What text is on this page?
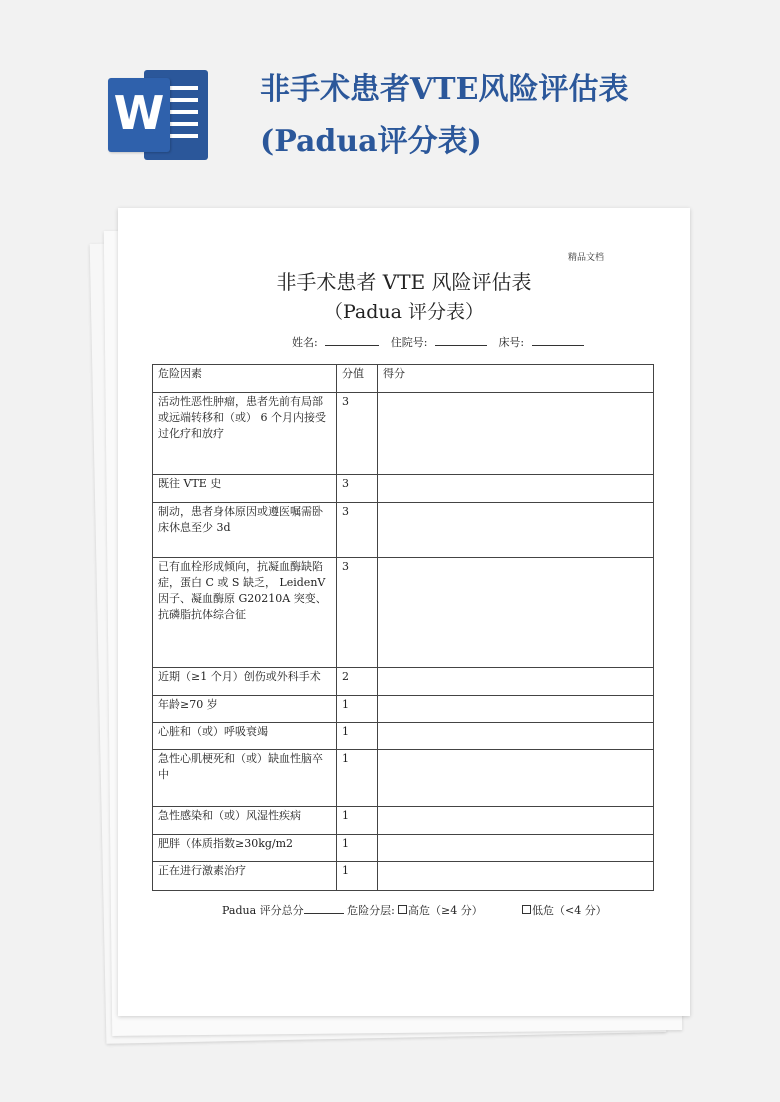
W	非手术患者VTE风险评估表
(Padua评分表)
精品文档
非手术患者 VTE 风险评估表
（Padua 评分表）
姓名:	住院号:	床号:
危险因素	分值	得分
活动性恶性肿瘤，患者先前有局部或远端转移和（或） 6 个月内接受过化疗和放疗	3	
既往 VTE 史	3	
制动，患者身体原因或遵医嘱需卧床休息至少 3d	3	
已有血栓形成倾向，抗凝血酶缺陷症，蛋白 C 或 S 缺乏， LeidenV 因子、凝血酶原 G20210A 突变、抗磷脂抗体综合征	3	
近期（≥1 个月）创伤或外科手术	2	
年龄≥70 岁	1	
心脏和（或）呼吸衰竭	1	
急性心肌梗死和（或）缺血性脑卒中	1	
急性感染和（或）风湿性疾病	1	
肥胖（体质指数≥30kg/m2	1	
正在进行激素治疗	1	
Padua 评分总分	危险分层:	高危（≥4 分）	低危（<4 分）
